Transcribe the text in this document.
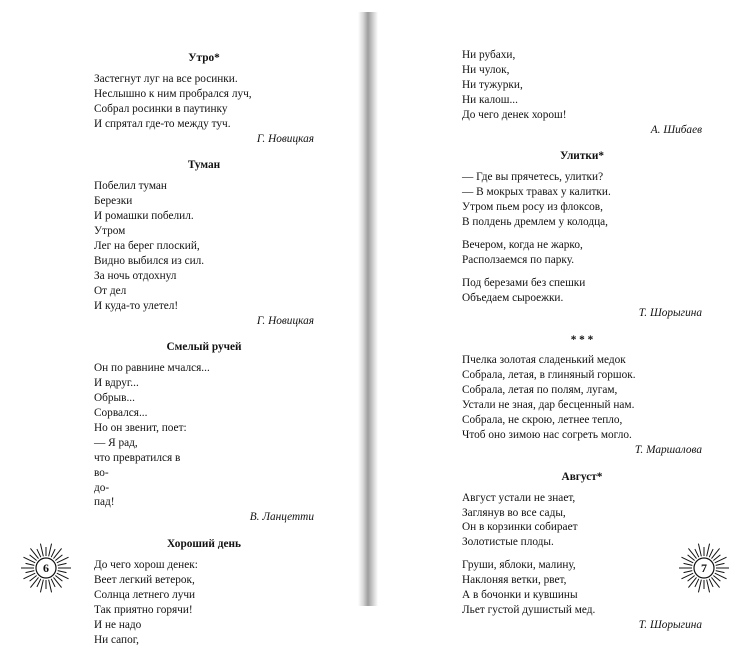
Утро*
Застегнут луг на все росинки.
Неслышно к ним пробрался луч,
Собрал росинки в паутинку
И спрятал где-то между туч.
Г. Новицкая
Туман
Побелил туман
Березки
И ромашки побелил.
Утром
Лег на берег плоский,
Видно выбился из сил.
За ночь отдохнул
От дел
И куда-то улетел!
Г. Новицкая
Смелый ручей
Он по равнине мчался...
И вдруг...
Обрыв...
Сорвался...
Но он звенит, поет:
— Я рад,
что превратился в
во-
до-
пад!
В. Ланцетти
Хороший день
До чего хорош денек:
Веет легкий ветерок,
Солнца летнего лучи
Так приятно горячи!
И не надо
Ни сапог,
6
Ни рубахи,
Ни чулок,
Ни тужурки,
Ни калош...
До чего денек хорош!
А. Шибаев
Улитки*
— Где вы прячетесь, улитки?
— В мокрых травах у калитки.
Утром пьем росу из флоксов,
В полдень дремлем у колодца,
Вечером, когда не жарко,
Расползаемся по парку.
Под березами без спешки
Объедаем сыроежки.
Т. Шорыгина
* * *
Пчелка золотая сладенький медок
Собрала, летая, в глиняный горшок.
Собрала, летая по полям, лугам,
Устали не зная, дар бесценный нам.
Собрала, не скрою, летнее тепло,
Чтоб оно зимою нас согреть могло.
Т. Маршалова
Август*
Август устали не знает,
Заглянув во все сады,
Он в корзинки собирает
Золотистые плоды.
Груши, яблоки, малину,
Наклоняя ветки, рвет,
А в бочонки и кувшины
Льет густой душистый мед.
Т. Шорыгина
7
